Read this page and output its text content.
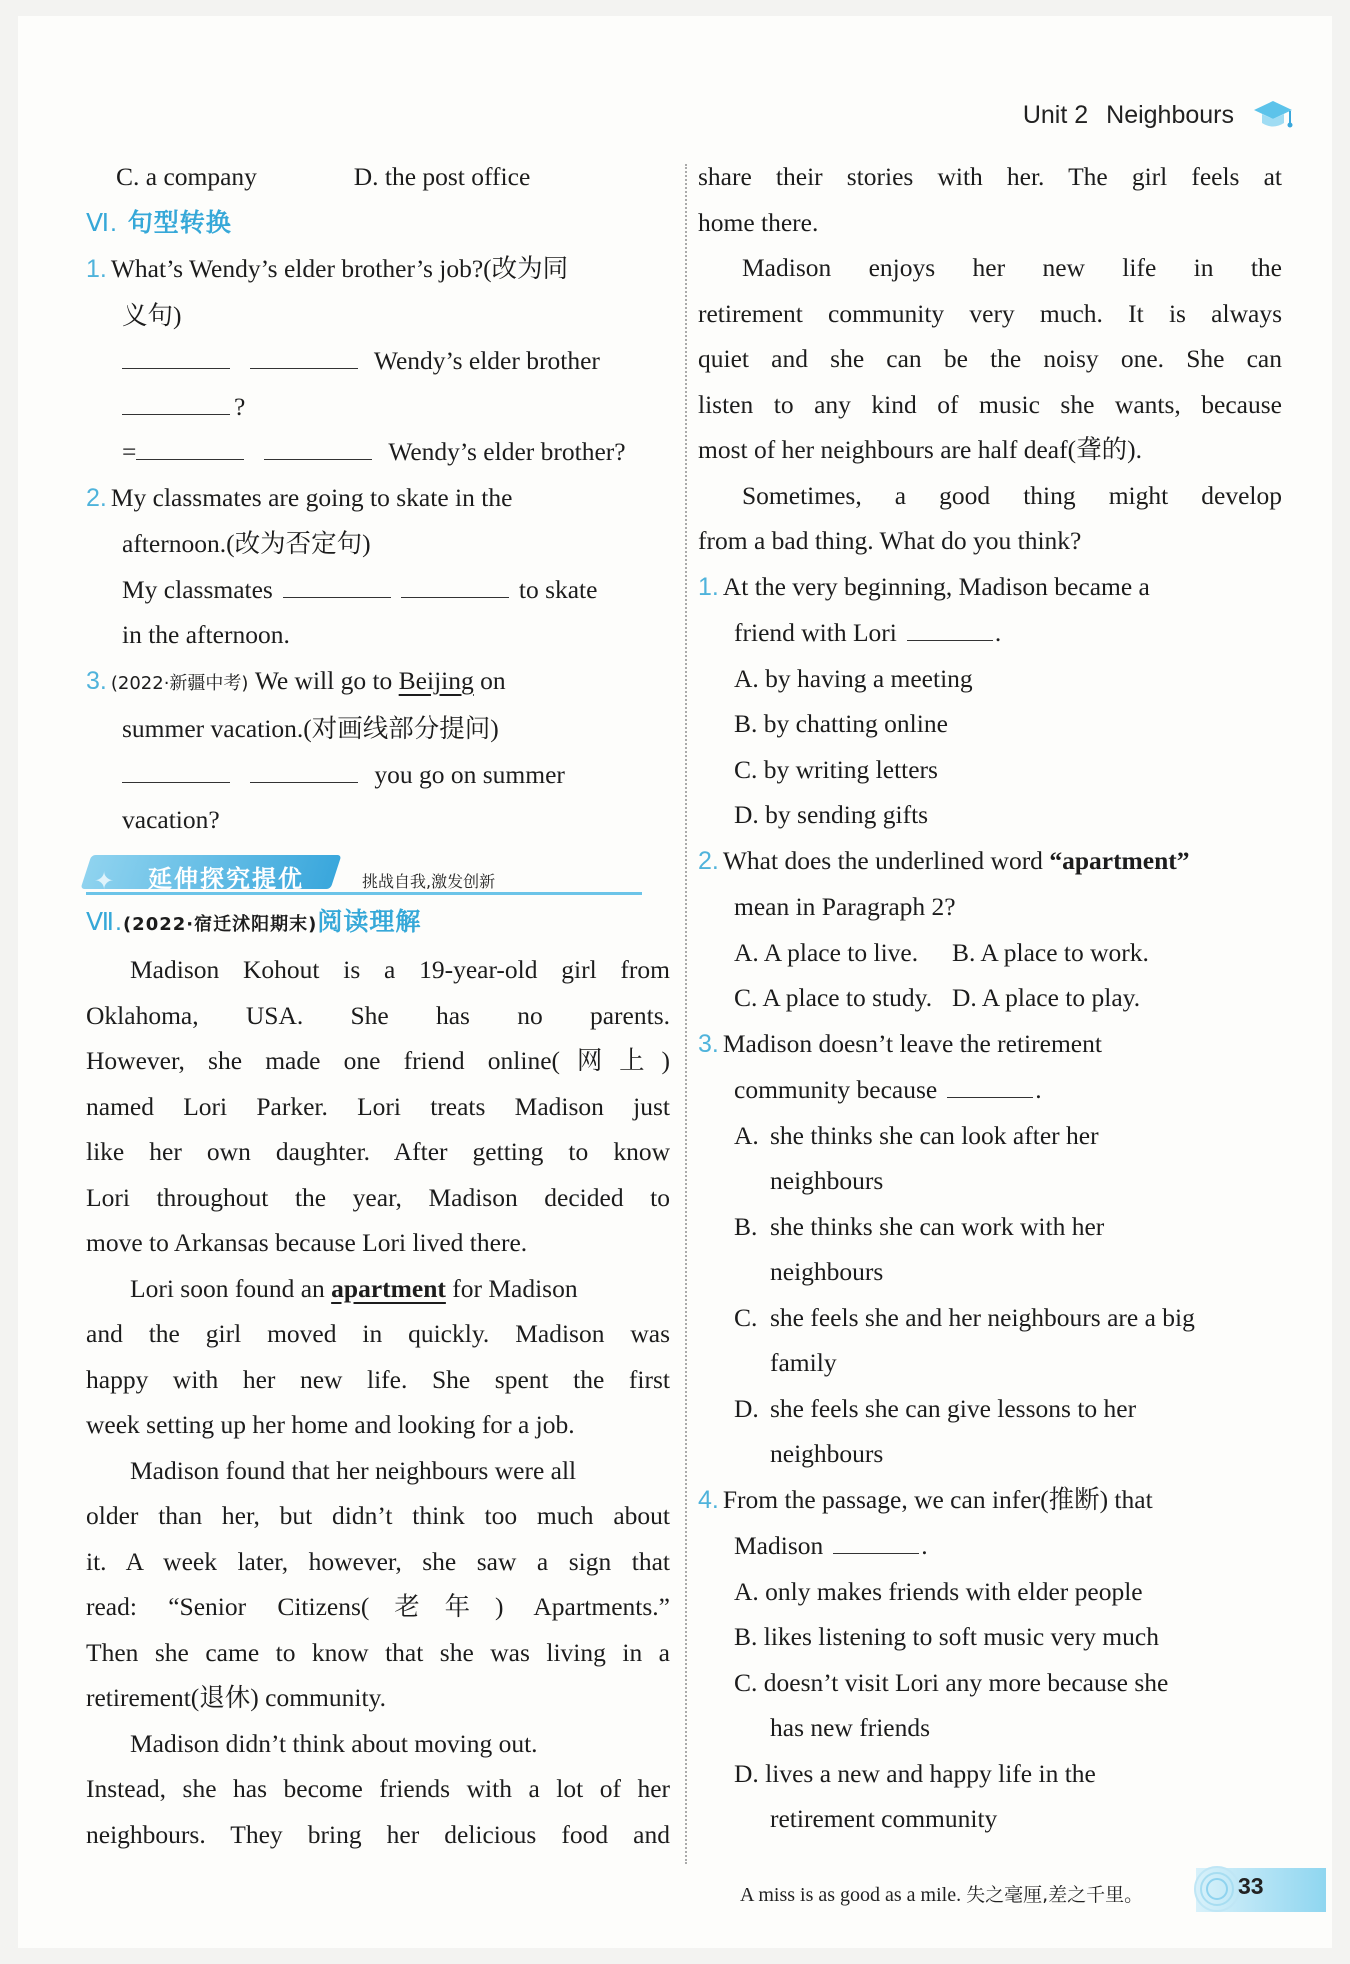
Unit 2 Neighbours
C. a company	D. the post office
Ⅵ. 句型转换
1. What’s Wendy’s elder brother’s job?(改为同
义句)
Wendy’s elder brother
?
=	Wendy’s elder brother?
2. My classmates are going to skate in the
afternoon.(改为否定句)
My classmates	to skate
in the afternoon.
3. (2022·新疆中考) We will go to Beijing on
summer vacation.(对画线部分提问)
you go on summer
vacation?
✦ 延伸探究提优	挑战自我,激发创新
Ⅶ.(2022·宿迁沭阳期末)阅读理解
Madison Kohout is a 19-year-old girl from
Oklahoma, USA. She has no parents.
However, she made one friend online(网上)
named Lori Parker. Lori treats Madison just
like her own daughter. After getting to know
Lori throughout the year, Madison decided to
move to Arkansas because Lori lived there.
Lori soon found an apartment for Madison
and the girl moved in quickly. Madison was
happy with her new life. She spent the first
week setting up her home and looking for a job.
Madison found that her neighbours were all
older than her, but didn’t think too much about
it. A week later, however, she saw a sign that
read: “Senior Citizens(老年) Apartments.”
Then she came to know that she was living in a
retirement(退休) community.
Madison didn’t think about moving out.
Instead, she has become friends with a lot of her
neighbours. They bring her delicious food and
share their stories with her. The girl feels at
home there.
Madison enjoys her new life in the
retirement community very much. It is always
quiet and she can be the noisy one. She can
listen to any kind of music she wants, because
most of her neighbours are half deaf(聋的).
Sometimes, a good thing might develop
from a bad thing. What do you think?
1. At the very beginning, Madison became a
friend with Lori	.
A. by having a meeting
B. by chatting online
C. by writing letters
D. by sending gifts
2. What does the underlined word “apartment”
mean in Paragraph 2?
A. A place to live. B. A place to work.
C. A place to study. D. A place to play.
3. Madison doesn’t leave the retirement
community because	.
A. she thinks she can look after her
neighbours
B. she thinks she can work with her
neighbours
C. she feels she and her neighbours are a big
family
D. she feels she can give lessons to her
neighbours
4. From the passage, we can infer(推断) that
Madison	.
A. only makes friends with elder people
B. likes listening to soft music very much
C. doesn’t visit Lori any more because she
has new friends
D. lives a new and happy life in the
retirement community
A miss is as good as a mile. 失之毫厘,差之千里。	33
